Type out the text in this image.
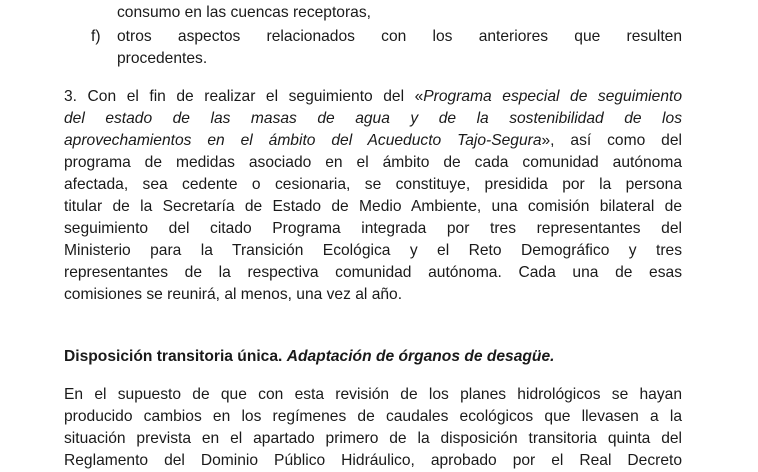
consumo en las cuencas receptoras,
f) otros aspectos relacionados con los anteriores que resulten
procedentes.
3. Con el fin de realizar el seguimiento del «Programa especial de seguimiento
del estado de las masas de agua y de la sostenibilidad de los
aprovechamientos en el ámbito del Acueducto Tajo-Segura», así como del
programa de medidas asociado en el ámbito de cada comunidad autónoma
afectada, sea cedente o cesionaria, se constituye, presidida por la persona
titular de la Secretaría de Estado de Medio Ambiente, una comisión bilateral de
seguimiento del citado Programa integrada por tres representantes del
Ministerio para la Transición Ecológica y el Reto Demográfico y tres
representantes de la respectiva comunidad autónoma. Cada una de esas
comisiones se reunirá, al menos, una vez al año.
Disposición transitoria única. Adaptación de órganos de desagüe.
En el supuesto de que con esta revisión de los planes hidrológicos se hayan
producido cambios en los regímenes de caudales ecológicos que llevasen a la
situación prevista en el apartado primero de la disposición transitoria quinta del
Reglamento del Dominio Público Hidráulico, aprobado por el Real Decreto
